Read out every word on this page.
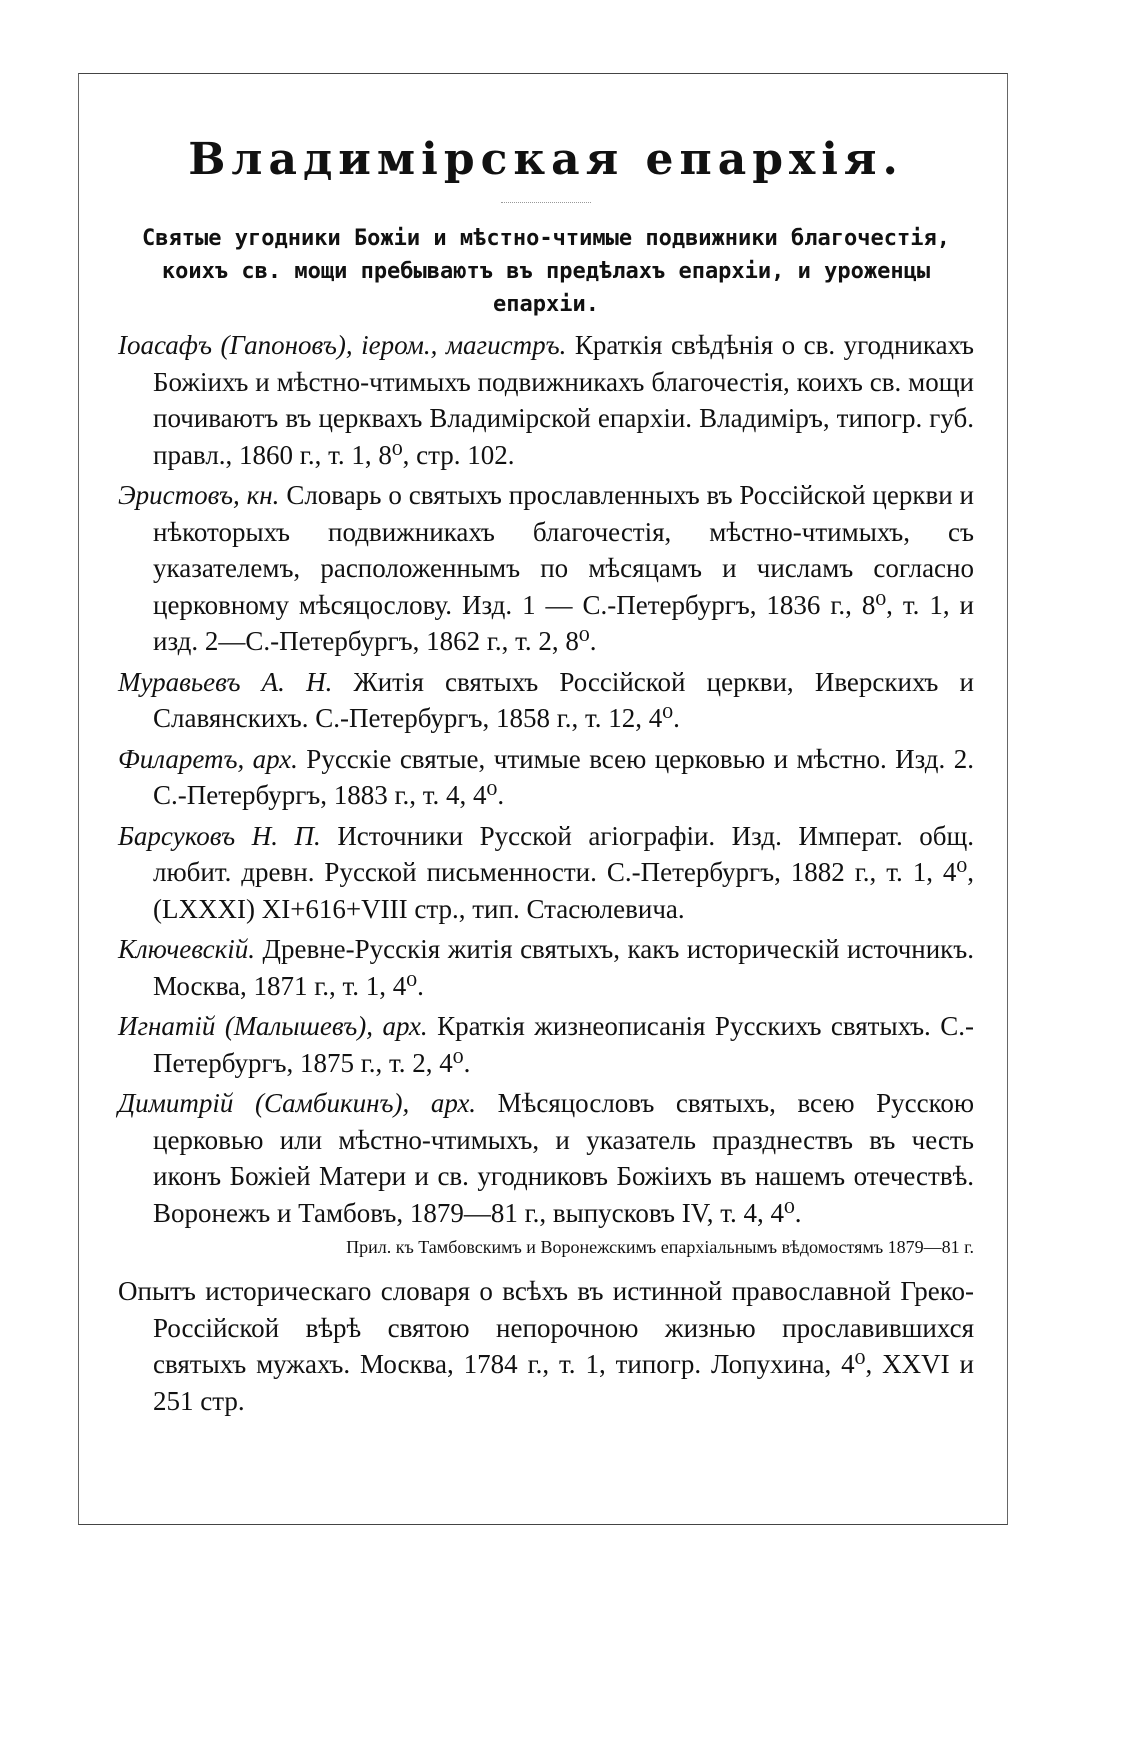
Владимірская епархія.

Святые угодники Божіи и мѣстно-чтимые подвижники благочестія, коихъ св. мощи пребываютъ въ предѣлахъ епархіи, и уроженцы епархіи.

Іоасафъ (Гапоновъ), іером., магистръ. Краткія свѣдѣнія о св. угодникахъ Божіихъ и мѣстно-чтимыхъ подвижникахъ благочестія, коихъ св. мощи почиваютъ въ церквахъ Владимірской епархіи. Владиміръ, типогр. губ. правл., 1860 г., т. 1, 8⁰, стр. 102.

Эристовъ, кн. Словарь о святыхъ прославленныхъ въ Россійской церкви и нѣкоторыхъ подвижникахъ благочестія, мѣстно-чтимыхъ, съ указателемъ, расположеннымъ по мѣсяцамъ и числамъ согласно церковному мѣсяцослову. Изд. 1 — С.-Петербургъ, 1836 г., 8⁰, т. 1, и изд. 2—С.-Петербургъ, 1862 г., т. 2, 8⁰.

Муравьевъ А. Н. Житія святыхъ Россійской церкви, Иверскихъ и Славянскихъ. С.-Петербургъ, 1858 г., т. 12, 4⁰.

Филаретъ, арх. Русскіе святые, чтимые всею церковью и мѣстно. Изд. 2. С.-Петербургъ, 1883 г., т. 4, 4⁰.

Барсуковъ Н. П. Источники Русской агіографіи. Изд. Императ. общ. любит. древн. Русской письменности. С.-Петербургъ, 1882 г., т. 1, 4⁰, (LXXXI) XI+616+VIII стр., тип. Стасюлевича.

Ключевскій. Древне-Русскія житія святыхъ, какъ историческій источникъ. Москва, 1871 г., т. 1, 4⁰.

Игнатій (Малышевъ), арх. Краткія жизнеописанія Русскихъ святыхъ. С.-Петербургъ, 1875 г., т. 2, 4⁰.

Димитрій (Самбикинъ), арх. Мѣсяцословъ святыхъ, всею Русскою церковью или мѣстно-чтимыхъ, и указатель празднествъ въ честь иконъ Божіей Матери и св. угодниковъ Божіихъ въ нашемъ отечествѣ. Воронежъ и Тамбовъ, 1879—81 г., выпусковъ IV, т. 4, 4⁰.

Прил. къ Тамбовскимъ и Воронежскимъ епархіальнымъ вѣдомостямъ 1879—81 г.

Опытъ историческаго словаря о всѣхъ въ истинной православной Греко-Россійской вѣрѣ святою непорочною жизнью прославившихся святыхъ мужахъ. Москва, 1784 г., т. 1, типогр. Лопухина, 4⁰, XXVI и 251 стр.
